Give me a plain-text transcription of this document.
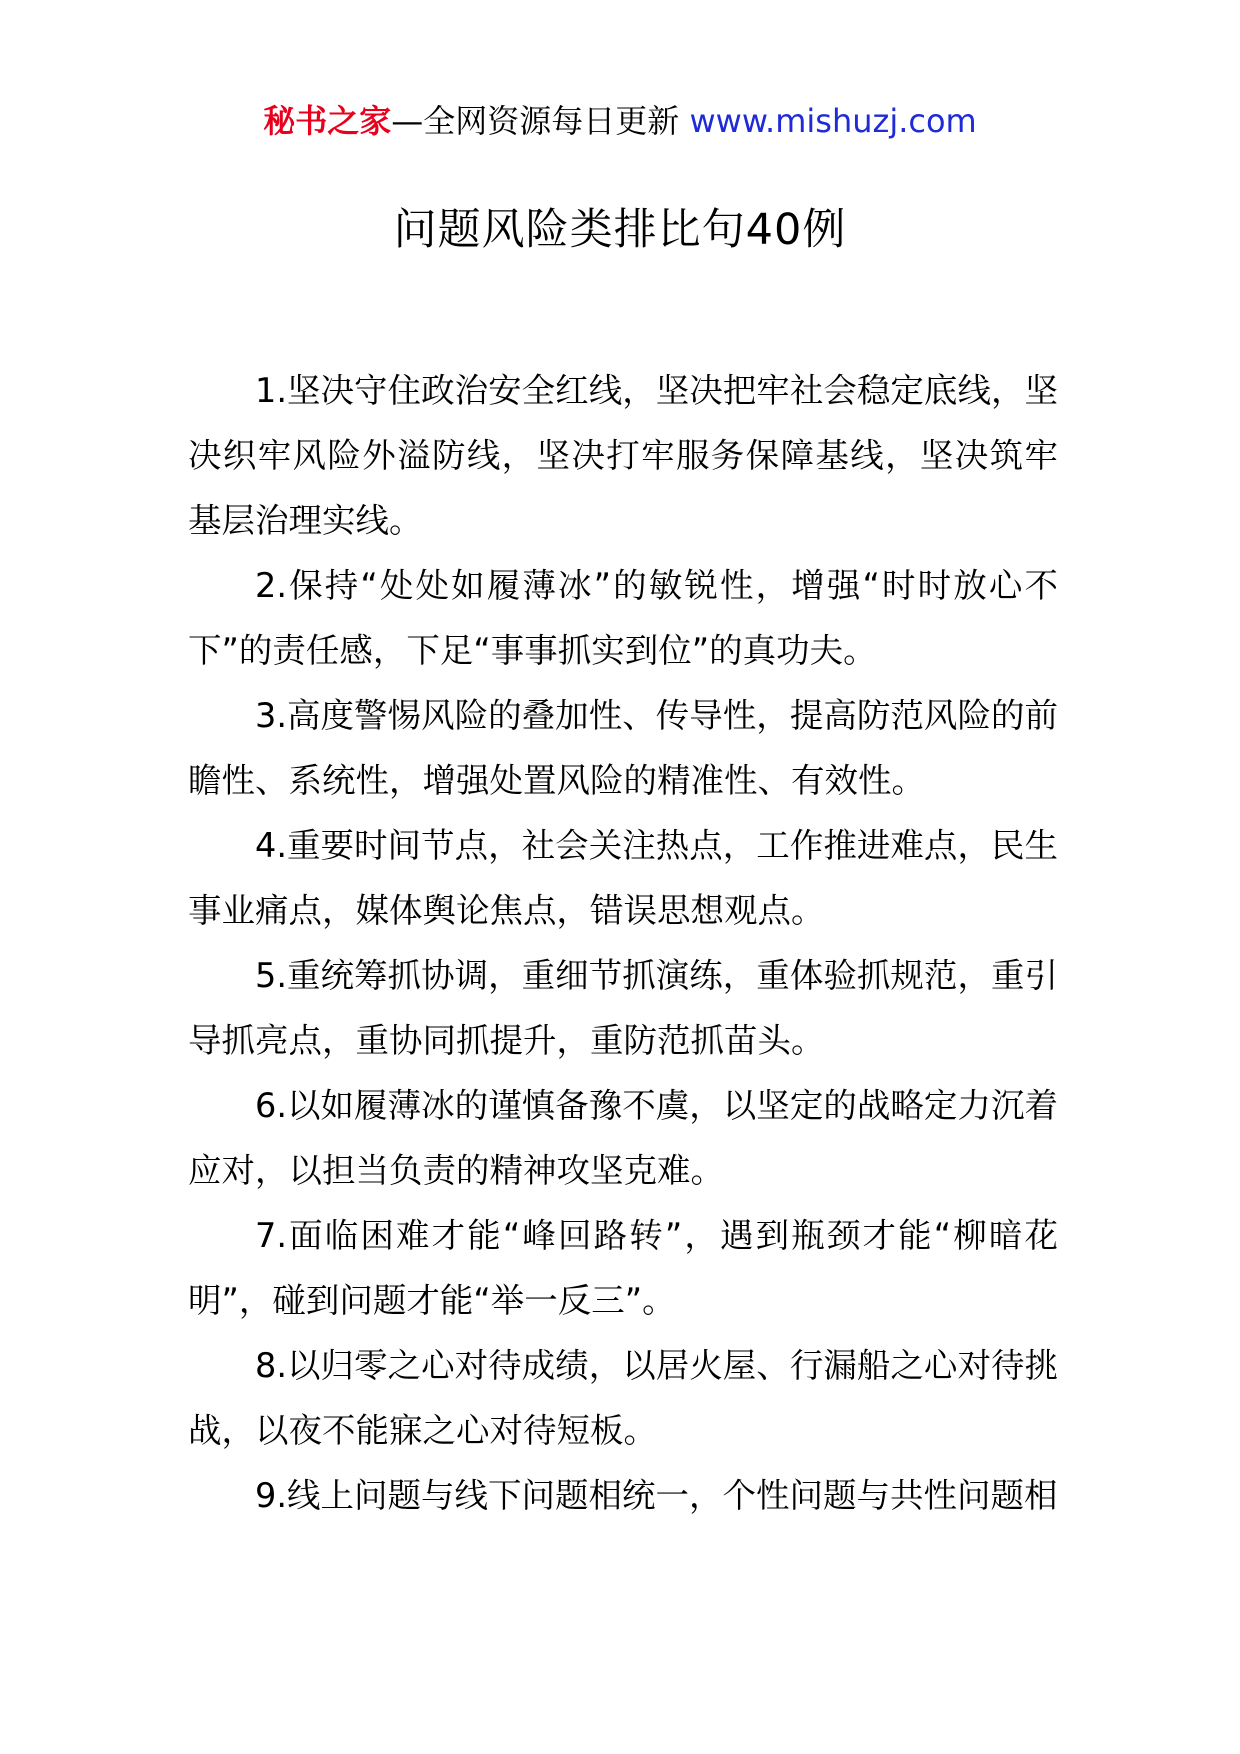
秘书之家—全网资源每日更新 www.mishuzj.com
问题风险类排比句40例

1.坚决守住政治安全红线，坚决把牢社会稳定底线，坚决织牢风险外溢防线，坚决打牢服务保障基线，坚决筑牢基层治理实线。

2.保持“处处如履薄冰”的敏锐性，增强“时时放心不下”的责任感，下足“事事抓实到位”的真功夫。

3.高度警惕风险的叠加性、传导性，提高防范风险的前瞻性、系统性，增强处置风险的精准性、有效性。

4.重要时间节点，社会关注热点，工作推进难点，民生事业痛点，媒体舆论焦点，错误思想观点。

5.重统筹抓协调，重细节抓演练，重体验抓规范，重引导抓亮点，重协同抓提升，重防范抓苗头。

6.以如履薄冰的谨慎备豫不虞，以坚定的战略定力沉着应对，以担当负责的精神攻坚克难。

7.面临困难才能“峰回路转”，遇到瓶颈才能“柳暗花明”，碰到问题才能“举一反三”。

8.以归零之心对待成绩，以居火屋、行漏船之心对待挑战，以夜不能寐之心对待短板。

9.线上问题与线下问题相统一，个性问题与共性问题相
